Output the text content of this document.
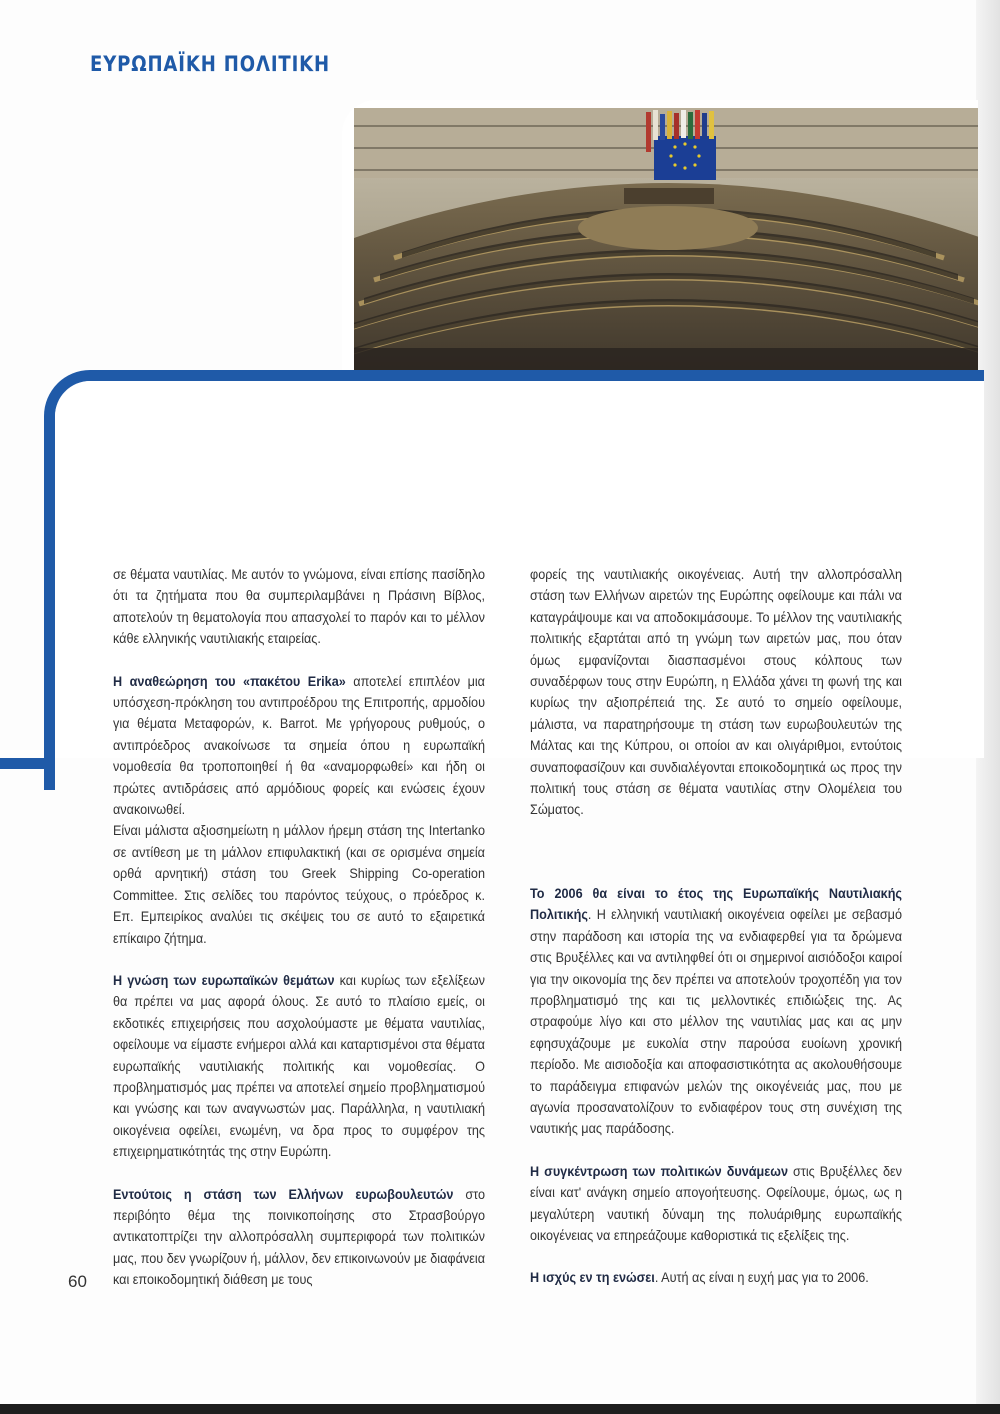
ΕΥΡΩΠΑΪΚΗ ΠΟΛΙΤΙΚΗ

σε θέματα ναυτιλίας. Με αυτόν το γνώμονα, είναι επίσης πασίδηλο ότι τα ζητήματα που θα συμπεριλαμβάνει η Πράσινη Βίβλος, αποτελούν τη θεματολογία που απασχολεί το παρόν και το μέλλον κάθε ελληνικής ναυτιλιακής εταιρείας.

Η αναθεώρηση του «πακέτου Erika» αποτελεί επιπλέον μια υπόσχεση-πρόκληση του αντιπροέδρου της Επιτροπής, αρμοδίου για θέματα Μεταφορών, κ. Barrot. Με γρήγορους ρυθμούς, ο αντιπρόεδρος ανακοίνωσε τα σημεία όπου η ευρωπαϊκή νομοθεσία θα τροποποιηθεί ή θα «αναμορφωθεί» και ήδη οι πρώτες αντιδράσεις από αρμόδιους φορείς και ενώσεις έχουν ανακοινωθεί.

Είναι μάλιστα αξιοσημείωτη η μάλλον ήρεμη στάση της Intertanko σε αντίθεση με τη μάλλον επιφυλακτική (και σε ορισμένα σημεία ορθά αρνητική) στάση του Greek Shipping Co-operation Committee. Στις σελίδες του παρόντος τεύχους, ο πρόεδρος κ. Επ. Εμπειρίκος αναλύει τις σκέψεις του σε αυτό το εξαιρετικά επίκαιρο ζήτημα.

Η γνώση των ευρωπαϊκών θεμάτων και κυρίως των εξελίξεων θα πρέπει να μας αφορά όλους. Σε αυτό το πλαίσιο εμείς, οι εκδοτικές επιχειρήσεις που ασχολούμαστε με θέματα ναυτιλίας, οφείλουμε να είμαστε ενήμεροι αλλά και καταρτισμένοι στα θέματα ευρωπαϊκής ναυτιλιακής πολιτικής και νομοθεσίας. Ο προβληματισμός μας πρέπει να αποτελεί σημείο προβληματισμού και γνώσης και των αναγνωστών μας. Παράλληλα, η ναυτιλιακή οικογένεια οφείλει, ενωμένη, να δρα προς το συμφέρον της επιχειρηματικότητάς της στην Ευρώπη.

Εντούτοις η στάση των Ελλήνων ευρωβουλευτών στο περιβόητο θέμα της ποινικοποίησης στο Στρασβούργο αντικατοπτρίζει την αλλοπρόσαλλη συμπεριφορά των πολιτικών μας, που δεν γνωρίζουν ή, μάλλον, δεν επικοινωνούν με διαφάνεια και εποικοδομητική διάθεση με τους

φορείς της ναυτιλιακής οικογένειας. Αυτή την αλλοπρόσαλλη στάση των Ελλήνων αιρετών της Ευρώπης οφείλουμε και πάλι να καταγράψουμε και να αποδοκιμάσουμε. Το μέλλον της ναυτιλιακής πολιτικής εξαρτάται από τη γνώμη των αιρετών μας, που όταν όμως εμφανίζονται διασπασμένοι στους κόλπους των συναδέρφων τους στην Ευρώπη, η Ελλάδα χάνει τη φωνή της και κυρίως την αξιοπρέπειά της. Σε αυτό το σημείο οφείλουμε, μάλιστα, να παρατηρήσουμε τη στάση των ευρωβουλευτών της Μάλτας και της Κύπρου, οι οποίοι αν και ολιγάριθμοι, εντούτοις συναποφασίζουν και συνδιαλέγονται εποικοδομητικά ως προς την πολιτική τους στάση σε θέματα ναυτιλίας στην Ολομέλεια του Σώματος.

Το 2006 θα είναι το έτος της Ευρωπαϊκής Ναυτιλιακής Πολιτικής. Η ελληνική ναυτιλιακή οικογένεια οφείλει με σεβασμό στην παράδοση και ιστορία της να ενδιαφερθεί για τα δρώμενα στις Βρυξέλλες και να αντιληφθεί ότι οι σημερινοί αισιόδοξοι καιροί για την οικονομία της δεν πρέπει να αποτελούν τροχοπέδη για τον προβληματισμό της και τις μελλοντικές επιδιώξεις της. Ας στραφούμε λίγο και στο μέλλον της ναυτιλίας μας και ας μην εφησυχάζουμε με ευκολία στην παρούσα ευοίωνη χρονική περίοδο. Με αισιοδοξία και αποφασιστικότητα ας ακολουθήσουμε το παράδειγμα επιφανών μελών της οικογένειάς μας, που με αγωνία προσανατολίζουν το ενδιαφέρον τους στη συνέχιση της ναυτικής μας παράδοσης.

Η συγκέντρωση των πολιτικών δυνάμεων στις Βρυξέλλες δεν είναι κατ' ανάγκη σημείο απογοήτευσης. Οφείλουμε, όμως, ως η μεγαλύτερη ναυτική δύναμη της πολυάριθμης ευρωπαϊκής οικογένειας να επηρεάζουμε καθοριστικά τις εξελίξεις της.

Η ισχύς εν τη ενώσει. Αυτή ας είναι η ευχή μας για το 2006.

60
